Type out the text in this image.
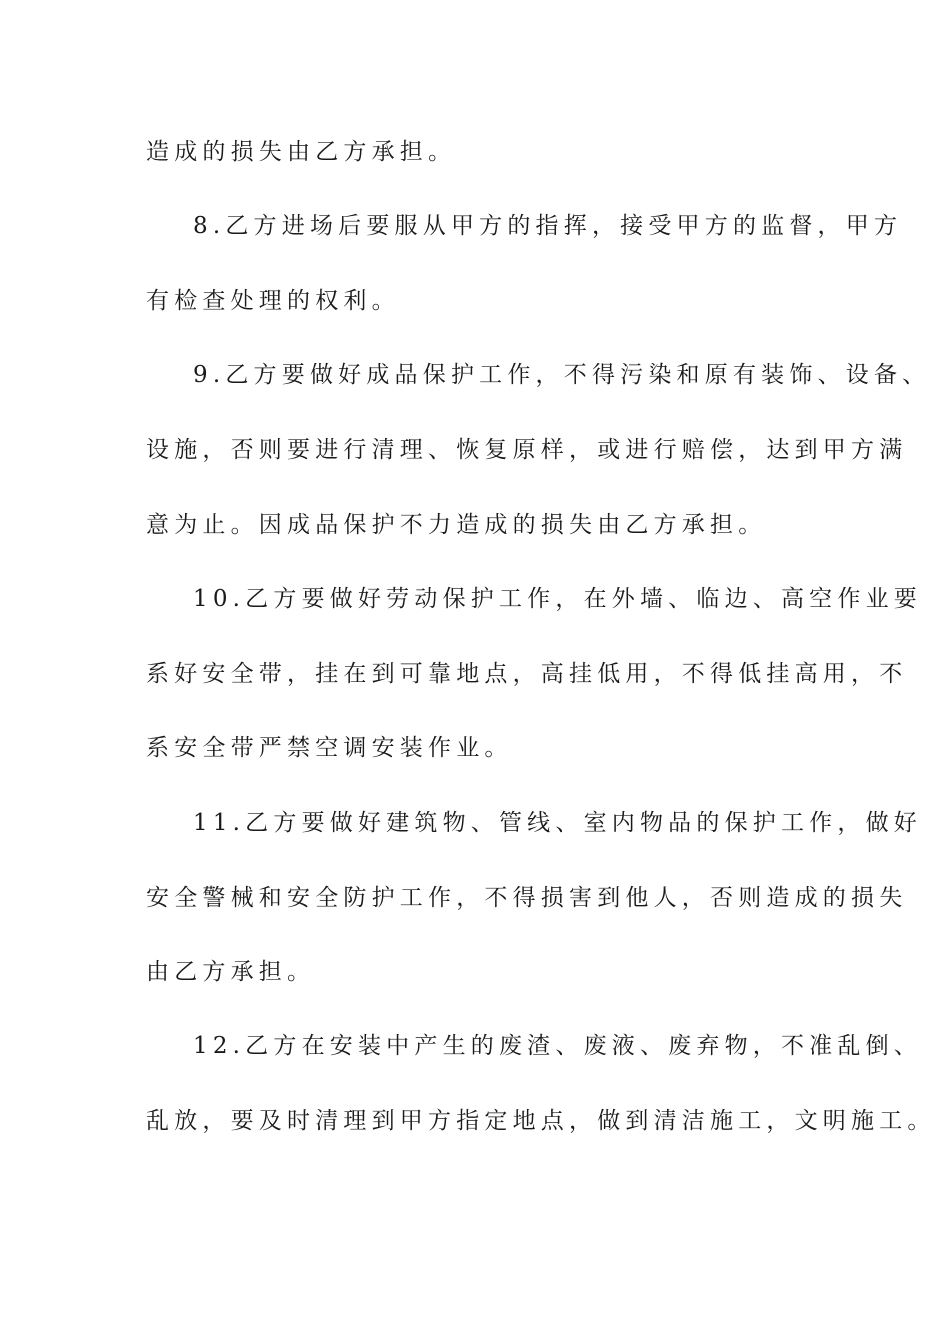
造成的损失由乙方承担。
8.乙方进场后要服从甲方的指挥，接受甲方的监督，甲方
有检查处理的权利。
9.乙方要做好成品保护工作，不得污染和原有装饰、设备、
设施，否则要进行清理、恢复原样，或进行赔偿，达到甲方满
意为止。因成品保护不力造成的损失由乙方承担。
10.乙方要做好劳动保护工作，在外墙、临边、高空作业要
系好安全带，挂在到可靠地点，高挂低用，不得低挂高用，不
系安全带严禁空调安装作业。
11.乙方要做好建筑物、管线、室内物品的保护工作，做好
安全警械和安全防护工作，不得损害到他人，否则造成的损失
由乙方承担。
12.乙方在安装中产生的废渣、废液、废弃物，不准乱倒、
乱放，要及时清理到甲方指定地点，做到清洁施工，文明施工。
